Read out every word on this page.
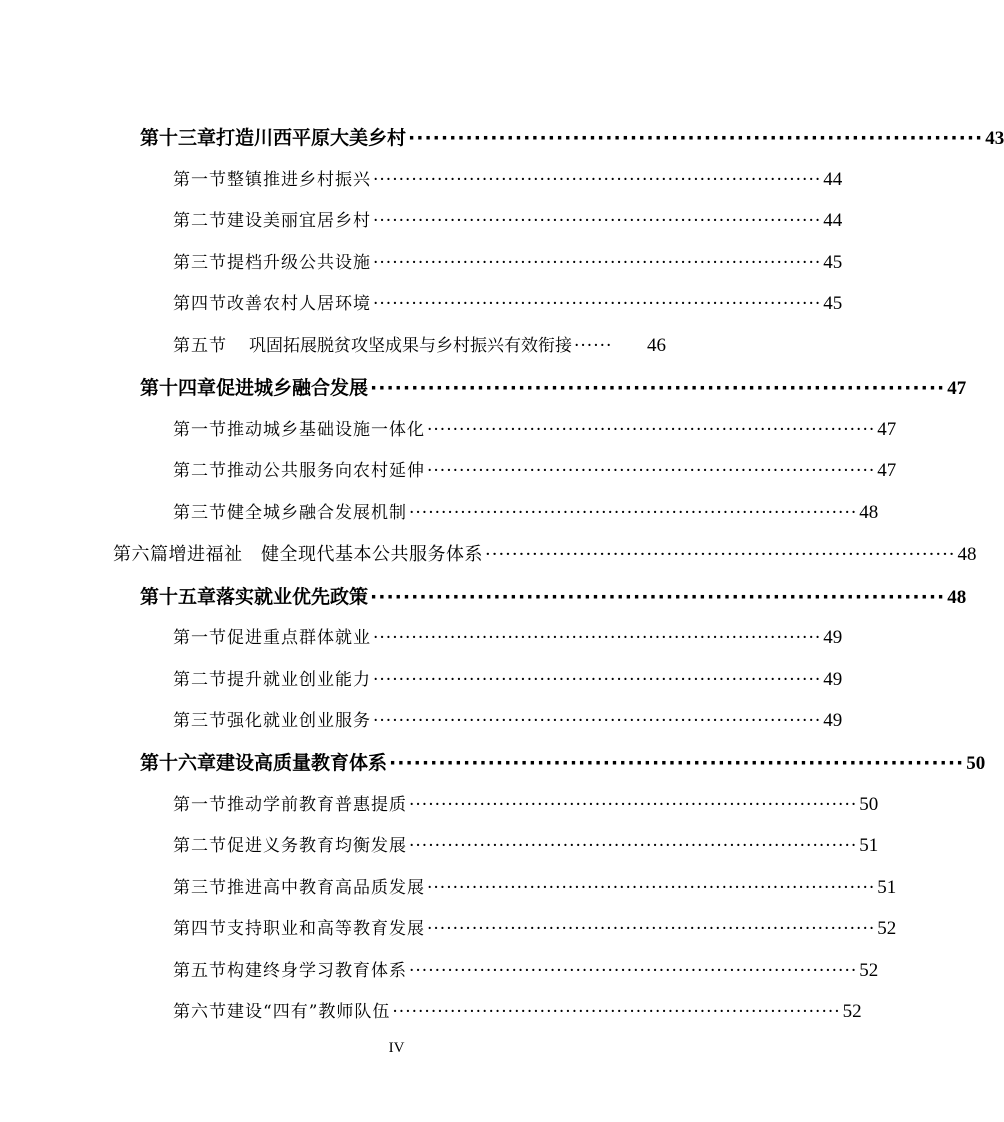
第十三章 打造川西平原大美乡村 ······································································ 43
第一节 整镇推进乡村振兴 ······································································ 44
第二节 建设美丽宜居乡村 ······································································ 44
第三节 提档升级公共设施 ······································································ 45
第四节 改善农村人居环境 ······································································ 45
第五节 巩固拓展脱贫攻坚成果与乡村振兴有效衔接 ······	46
第十四章 促进城乡融合发展 ······································································ 47
第一节 推动城乡基础设施一体化 ······································································ 47
第二节 推动公共服务向农村延伸 ······································································ 47
第三节 健全城乡融合发展机制 ······································································ 48
第六篇 增进福祉　健全现代基本公共服务体系 ······································································ 48
第十五章 落实就业优先政策 ······································································ 48
第一节 促进重点群体就业 ······································································ 49
第二节 提升就业创业能力 ······································································ 49
第三节 强化就业创业服务 ······································································ 49
第十六章 建设高质量教育体系 ······································································ 50
第一节 推动学前教育普惠提质 ······································································ 50
第二节 促进义务教育均衡发展 ······································································ 51
第三节 推进高中教育高品质发展 ······································································ 51
第四节 支持职业和高等教育发展 ······································································ 52
第五节 构建终身学习教育体系 ······································································ 52
第六节 建设“四有”教师队伍 ······································································ 52
IV
